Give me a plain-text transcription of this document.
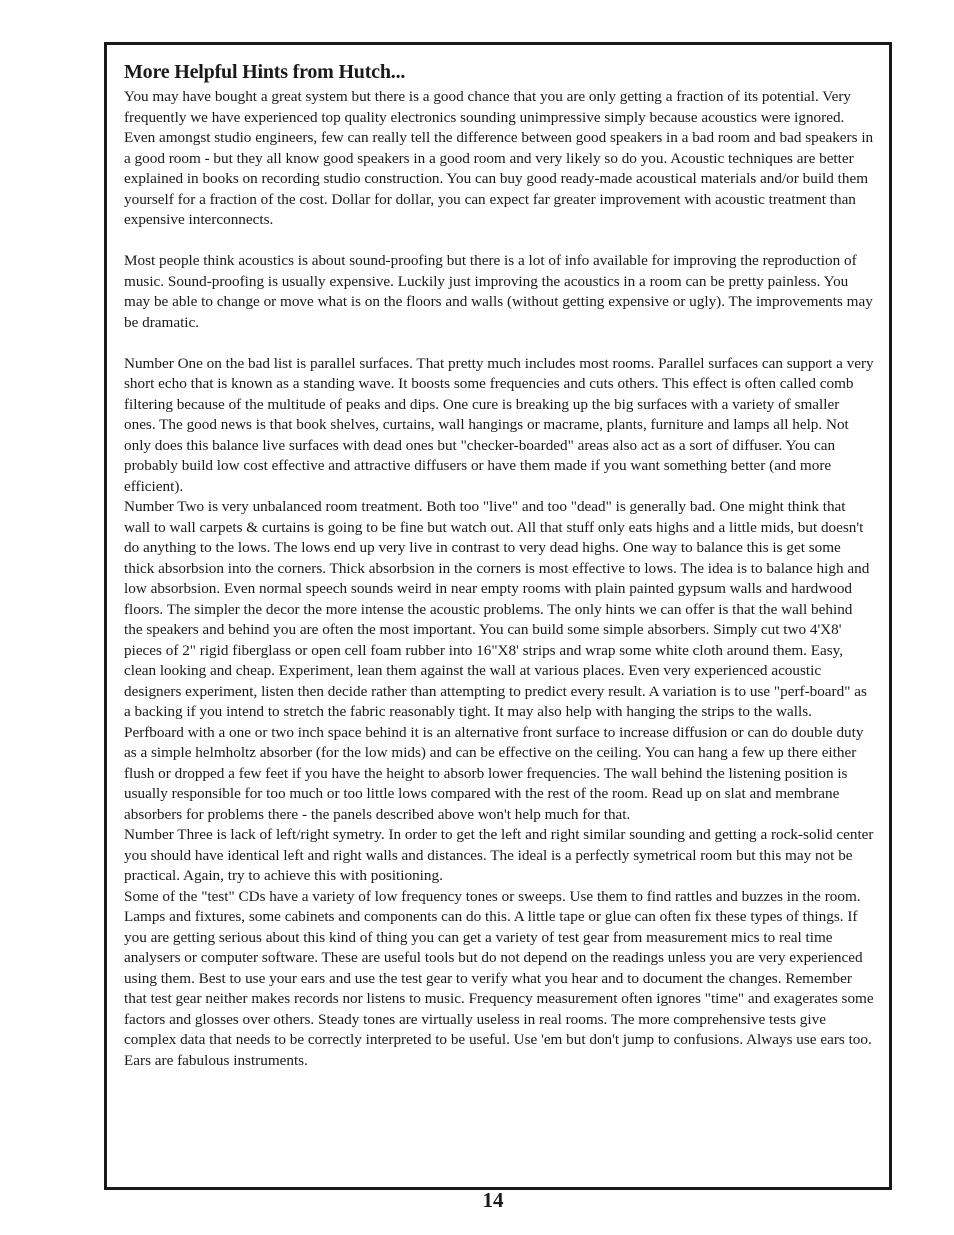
More Helpful Hints from Hutch...

You may have bought a great system but there is a good chance that you are only getting a fraction of its potential. Very frequently we have experienced top quality electronics sounding unimpressive simply because acoustics were ignored. Even amongst studio engineers, few can really tell the difference between good speakers in a bad room and bad speakers in a good room - but they all know good speakers in a good room and very likely so do you. Acoustic techniques are better explained in books on recording studio construction. You can buy good ready-made acoustical materials and/or build them yourself for a fraction of the cost. Dollar for dollar, you can expect far greater improvement with acoustic treatment than expensive interconnects.

Most people think acoustics is about sound-proofing but there is a lot of info available for improving the reproduction of music. Sound-proofing is usually expensive. Luckily just improving the acoustics in a room can be pretty painless. You may be able to change or move what is on the floors and walls (without getting expensive or ugly). The improvements may be dramatic.

Number One on the bad list is parallel surfaces. That pretty much includes most rooms. Parallel surfaces can support a very short echo that is known as a standing wave. It boosts some frequencies and cuts others. This effect is often called comb filtering because of the multitude of peaks and dips. One cure is breaking up the big surfaces with a variety of smaller ones. The good news is that book shelves, curtains, wall hangings or macrame, plants, furniture and lamps all help. Not only does this balance live surfaces with dead ones but "checker-boarded" areas also act as a sort of diffuser. You can probably build low cost effective and attractive diffusers or have them made if you want something better (and more efficient).

Number Two is very unbalanced room treatment. Both too "live" and too "dead" is generally bad. One might think that wall to wall carpets & curtains is going to be fine but watch out. All that stuff only eats highs and a little mids, but doesn't do anything to the lows. The lows end up very live in contrast to very dead highs. One way to balance this is get some thick absorbsion into the corners. Thick absorbsion in the corners is most effective to lows. The idea is to balance high and low absorbsion. Even normal speech sounds weird in near empty rooms with plain painted gypsum walls and hardwood floors. The simpler the decor the more intense the acoustic problems. The only hints we can offer is that the wall behind the speakers and behind you are often the most important. You can build some simple absorbers. Simply cut two 4'X8' pieces of 2" rigid fiberglass or open cell foam rubber into 16"X8' strips and wrap some white cloth around them. Easy, clean looking and cheap. Experiment, lean them against the wall at various places. Even very experienced acoustic designers experiment, listen then decide rather than attempting to predict every result. A variation is to use "perf-board" as a backing if you intend to stretch the fabric reasonably tight. It may also help with hanging the strips to the walls. Perfboard with a one or two inch space behind it is an alternative front surface to increase diffusion or can do double duty as a simple helmholtz absorber (for the low mids) and can be effective on the ceiling. You can hang a few up there either flush or dropped a few feet if you have the height to absorb lower frequencies. The wall behind the listening position is usually responsible for too much or too little lows compared with the rest of the room. Read up on slat and membrane absorbers for problems there - the panels described above won't help much for that.

Number Three is lack of left/right symetry. In order to get the left and right similar sounding and getting a rock-solid center you should have identical left and right walls and distances. The ideal is a perfectly symetrical room but this may not be practical. Again, try to achieve this with positioning.

Some of the "test" CDs have a variety of low frequency tones or sweeps. Use them to find rattles and buzzes in the room. Lamps and fixtures, some cabinets and components can do this. A little tape or glue can often fix these types of things. If you are getting serious about this kind of thing you can get a variety of test gear from measurement mics to real time analysers or computer software. These are useful tools but do not depend on the readings unless you are very experienced using them. Best to use your ears and use the test gear to verify what you hear and to document the changes. Remember that test gear neither makes records nor listens to music. Frequency measurement often ignores "time" and exagerates some factors and glosses over others. Steady tones are virtually useless in real rooms. The more comprehensive tests give complex data that needs to be correctly interpreted to be useful. Use 'em but don't jump to confusions. Always use ears too. Ears are fabulous instruments.

14
